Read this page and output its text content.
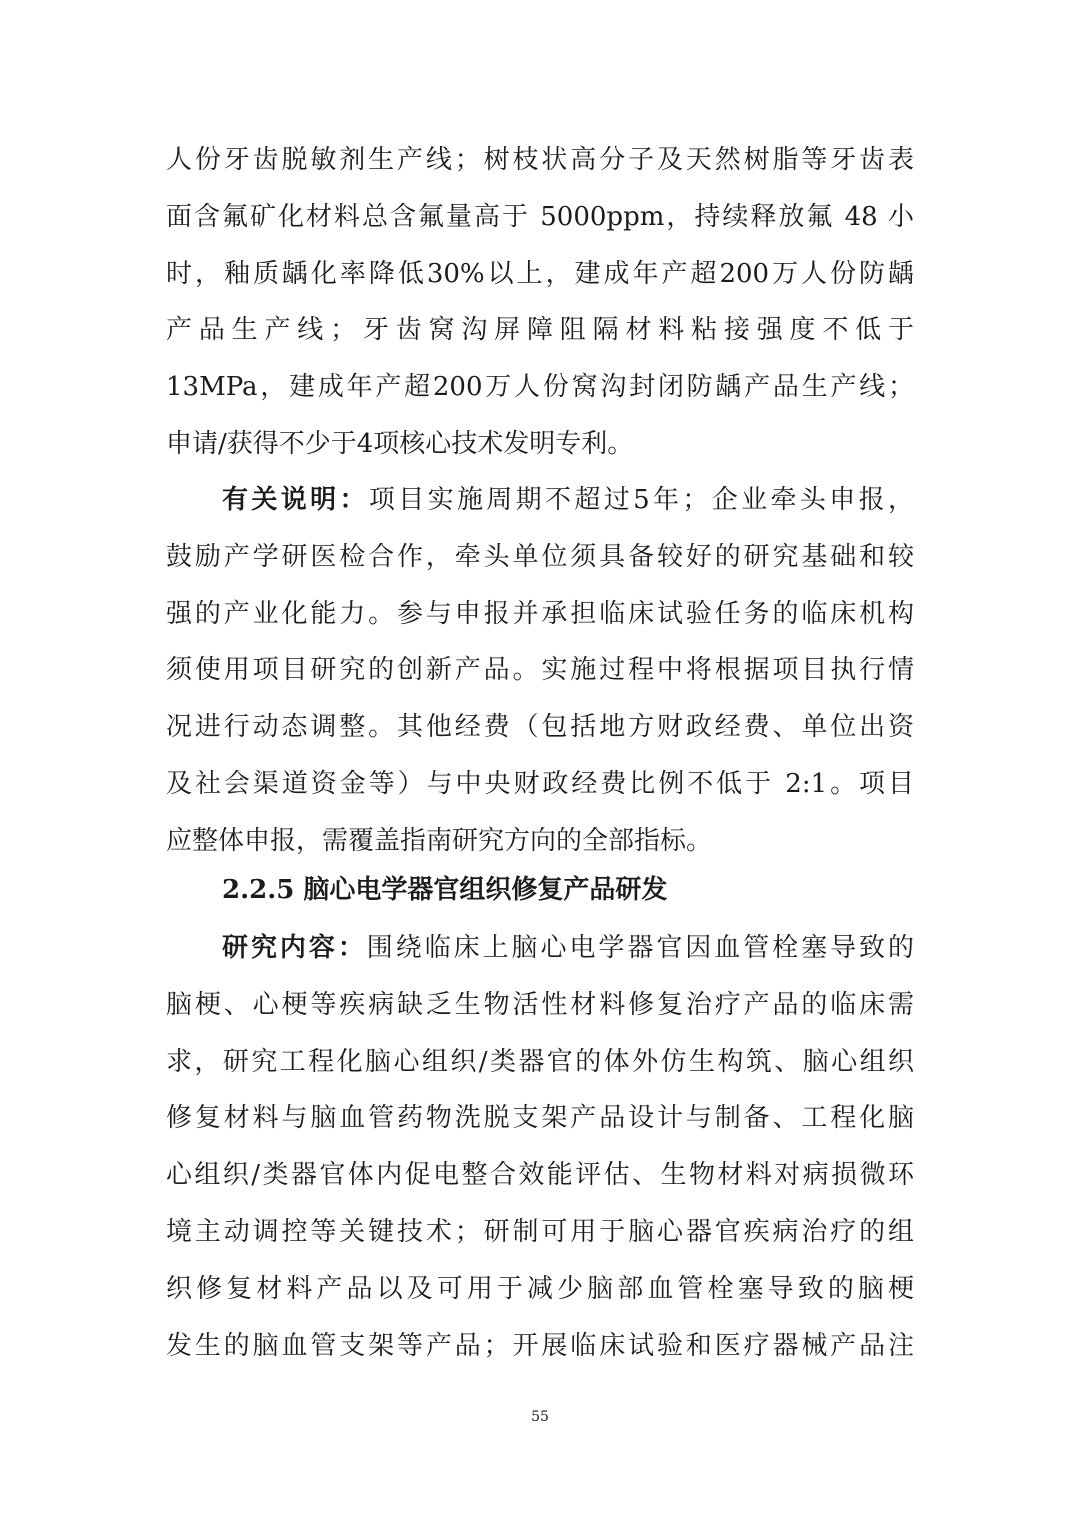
人份牙齿脱敏剂生产线；树枝状高分子及天然树脂等牙齿表
面含氟矿化材料总含氟量高于 5000ppm，持续释放氟 48 小
时，釉质龋化率降低30%以上，建成年产超200万人份防龋
产品生产线；牙齿窝沟屏障阻隔材料粘接强度不低于
13MPa，建成年产超200万人份窝沟封闭防龋产品生产线；
申请/获得不少于4项核心技术发明专利。
有关说明：项目实施周期不超过5年；企业牵头申报，
鼓励产学研医检合作，牵头单位须具备较好的研究基础和较
强的产业化能力。参与申报并承担临床试验任务的临床机构
须使用项目研究的创新产品。实施过程中将根据项目执行情
况进行动态调整。其他经费（包括地方财政经费、单位出资
及社会渠道资金等）与中央财政经费比例不低于 2:1。项目
应整体申报，需覆盖指南研究方向的全部指标。
2.2.5 脑心电学器官组织修复产品研发
研究内容：围绕临床上脑心电学器官因血管栓塞导致的
脑梗、心梗等疾病缺乏生物活性材料修复治疗产品的临床需
求，研究工程化脑心组织/类器官的体外仿生构筑、脑心组织
修复材料与脑血管药物洗脱支架产品设计与制备、工程化脑
心组织/类器官体内促电整合效能评估、生物材料对病损微环
境主动调控等关键技术；研制可用于脑心器官疾病治疗的组
织修复材料产品以及可用于减少脑部血管栓塞导致的脑梗
发生的脑血管支架等产品；开展临床试验和医疗器械产品注
55
